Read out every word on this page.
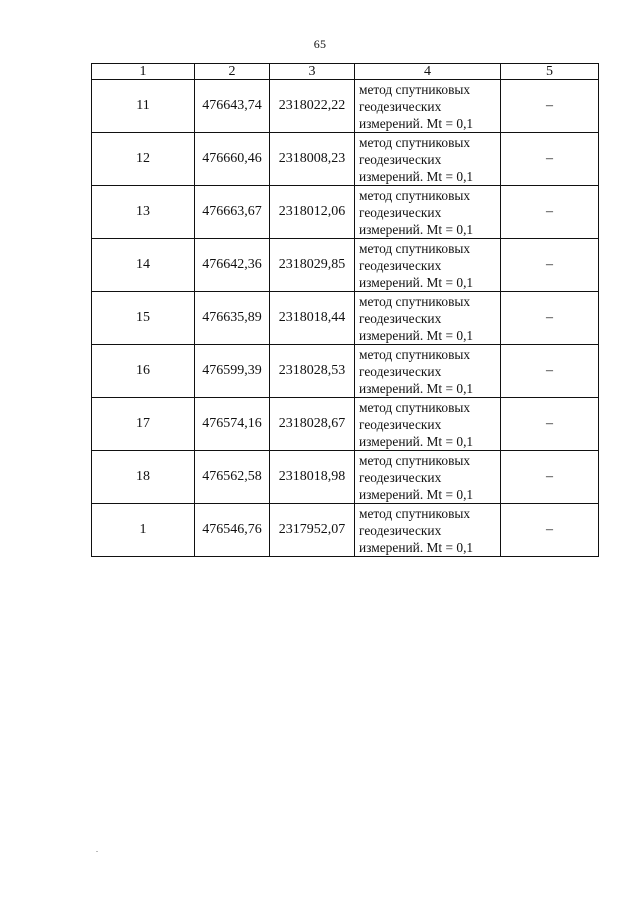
65
1	2	3	4	5
11	476643,74	2318022,22	метод спутниковых
геодезических
измерений. Mt = 0,1	–
12	476660,46	2318008,23	метод спутниковых
геодезических
измерений. Mt = 0,1	–
13	476663,67	2318012,06	метод спутниковых
геодезических
измерений. Mt = 0,1	–
14	476642,36	2318029,85	метод спутниковых
геодезических
измерений. Mt = 0,1	–
15	476635,89	2318018,44	метод спутниковых
геодезических
измерений. Mt = 0,1	–
16	476599,39	2318028,53	метод спутниковых
геодезических
измерений. Mt = 0,1	–
17	476574,16	2318028,67	метод спутниковых
геодезических
измерений. Mt = 0,1	–
18	476562,58	2318018,98	метод спутниковых
геодезических
измерений. Mt = 0,1	–
1	476546,76	2317952,07	метод спутниковых
геодезических
измерений. Mt = 0,1	–
